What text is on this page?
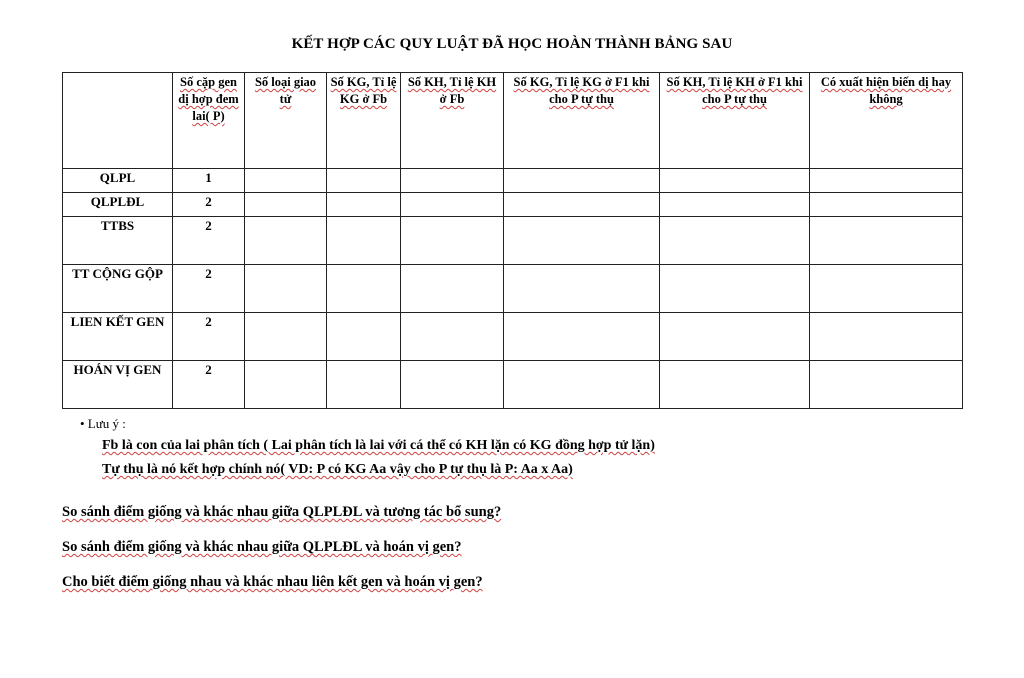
KẾT HỢP CÁC QUY LUẬT ĐÃ HỌC HOÀN THÀNH BẢNG SAU
	Số cặp gen dị hợp đem lai( P)	Số loại giao tử	Số KG, Tỉ lệ KG ở Fb	Số KH, Tỉ lệ KH ở Fb	Số KG, Tỉ lệ KG ở F1 khi cho P tự thụ	Số KH, Tỉ lệ KH ở F1 khi cho P tự thụ	Có xuất hiện biến dị hay không
QLPL	1						
QLPLĐL	2						
TTBS	2						
TT CỘNG GỘP	2						
LIEN KẾT GEN	2						
HOÁN VỊ GEN	2						
• Lưu ý :
Fb là con của lai phân tích ( Lai phân tích là lai với cá thể có KH lặn có KG đồng hợp tử lặn)
Tự thụ là nó kết hợp chính nó( VD: P có KG Aa vậy cho P tự thụ là P: Aa x Aa)
So sánh điểm giống và khác nhau giữa QLPLĐL và tương tác bổ sung?
So sánh điểm giống và khác nhau giữa QLPLĐL và hoán vị gen?
Cho biết điểm giống nhau và khác nhau liên kết gen và hoán vị gen?
